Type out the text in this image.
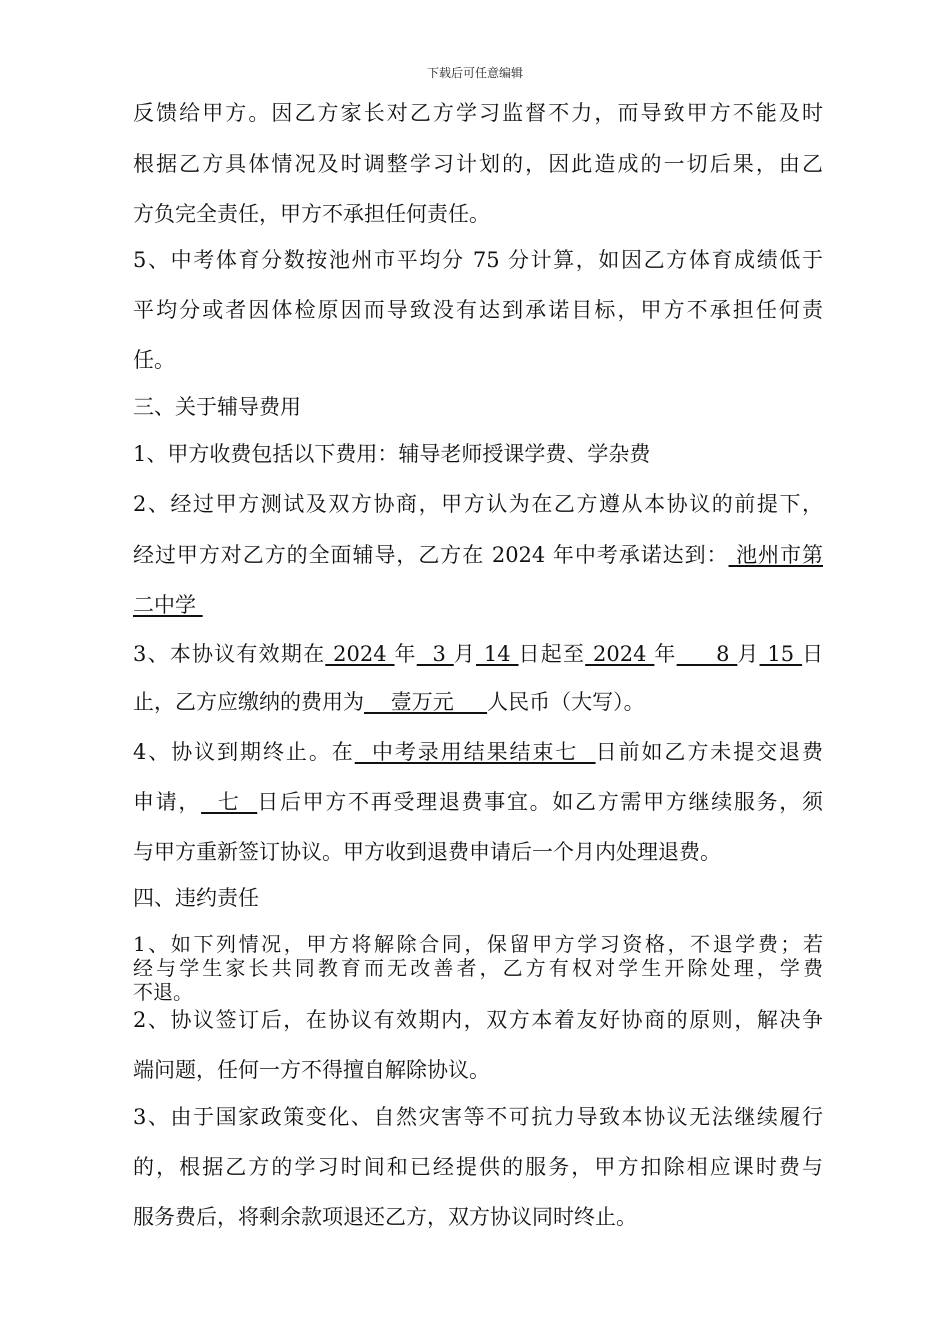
下载后可任意编辑
反馈给甲方。因乙方家长对乙方学习监督不力，而导致甲方不能及时
根据乙方具体情况及时调整学习计划的，因此造成的一切后果，由乙
方负完全责任，甲方不承担任何责任。
5、中考体育分数按池州市平均分 75 分计算，如因乙方体育成绩低于
平均分或者因体检原因而导致没有达到承诺目标，甲方不承担任何责
任。
三、关于辅导费用
1、甲方收费包括以下费用：辅导老师授课学费、学杂费
2、经过甲方测试及双方协商，甲方认为在乙方遵从本协议的前提下，
经过甲方对乙方的全面辅导，乙方在 2024 年中考承诺达到： 池州市第
二中学
3、本协议有效期在 2024 年  3 月 14 日起至 2024 年     8 月 15 日
止，乙方应缴纳的费用为    壹万元     人民币（大写）。
4、协议到期终止。在  中考录用结果结束七  日前如乙方未提交退费
申请，  七  日后甲方不再受理退费事宜。如乙方需甲方继续服务，须
与甲方重新签订协议。甲方收到退费申请后一个月内处理退费。
四、违约责任
1、如下列情况，甲方将解除合同，保留甲方学习资格，不退学费；若
经与学生家长共同教育而无改善者，乙方有权对学生开除处理，学费
不退。
2、协议签订后，在协议有效期内，双方本着友好协商的原则，解决争
端问题，任何一方不得擅自解除协议。
3、由于国家政策变化、自然灾害等不可抗力导致本协议无法继续履行
的，根据乙方的学习时间和已经提供的服务，甲方扣除相应课时费与
服务费后，将剩余款项退还乙方，双方协议同时终止。
